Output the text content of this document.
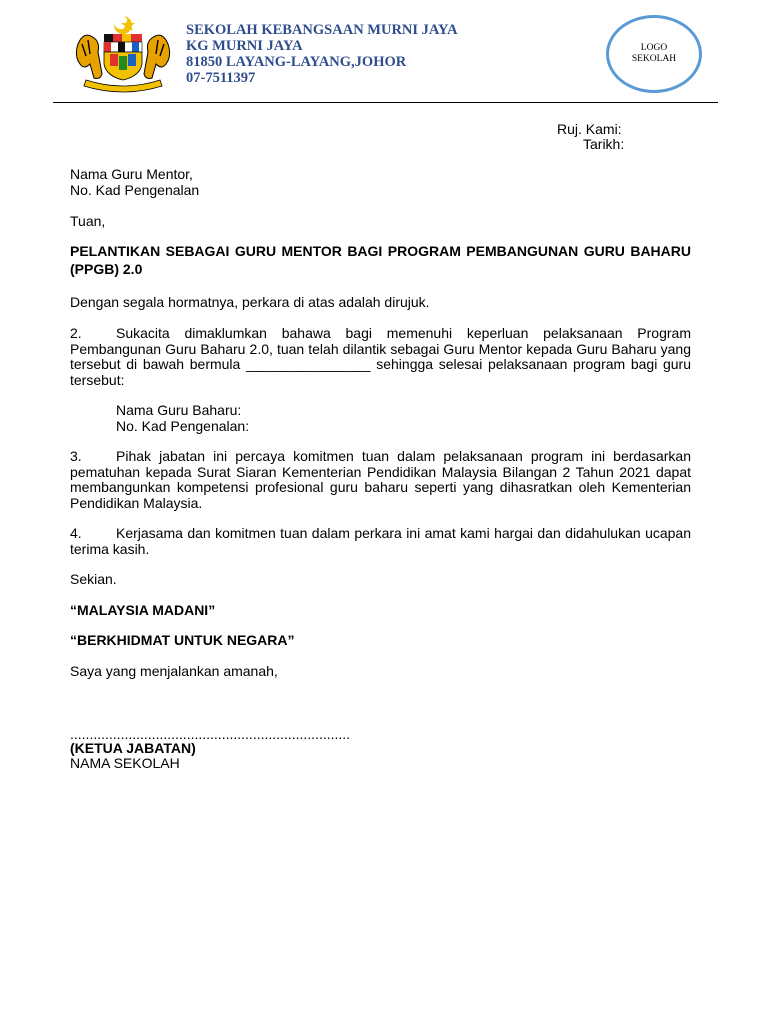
SEKOLAH KEBANGSAAN MURNI JAYA
KG MURNI JAYA
81850 LAYANG-LAYANG,JOHOR
07-7511397
LOGO
SEKOLAH
Ruj. Kami:
Tarikh:
Nama Guru Mentor,
No. Kad Pengenalan
Tuan,
PELANTIKAN SEBAGAI GURU MENTOR BAGI PROGRAM PEMBANGUNAN GURU BAHARU
(PPGB) 2.0
Dengan segala hormatnya, perkara di atas adalah dirujuk.
2. Sukacita dimaklumkan bahawa bagi memenuhi keperluan pelaksanaan Program Pembangunan Guru Baharu 2.0, tuan telah dilantik sebagai Guru Mentor kepada Guru Baharu yang tersebut di bawah bermula ________________ sehingga selesai pelaksanaan program bagi guru tersebut:
Nama Guru Baharu:
No. Kad Pengenalan:
3. Pihak jabatan ini percaya komitmen tuan dalam pelaksanaan program ini berdasarkan pematuhan kepada Surat Siaran Kementerian Pendidikan Malaysia Bilangan 2 Tahun 2021 dapat membangunkan kompetensi profesional guru baharu seperti yang dihasratkan oleh Kementerian Pendidikan Malaysia.
4. Kerjasama dan komitmen tuan dalam perkara ini amat kami hargai dan didahulukan ucapan terima kasih.
Sekian.
“MALAYSIA MADANI”
“BERKHIDMAT UNTUK NEGARA”
Saya yang menjalankan amanah,
........................................................................
(KETUA JABATAN)
NAMA SEKOLAH
